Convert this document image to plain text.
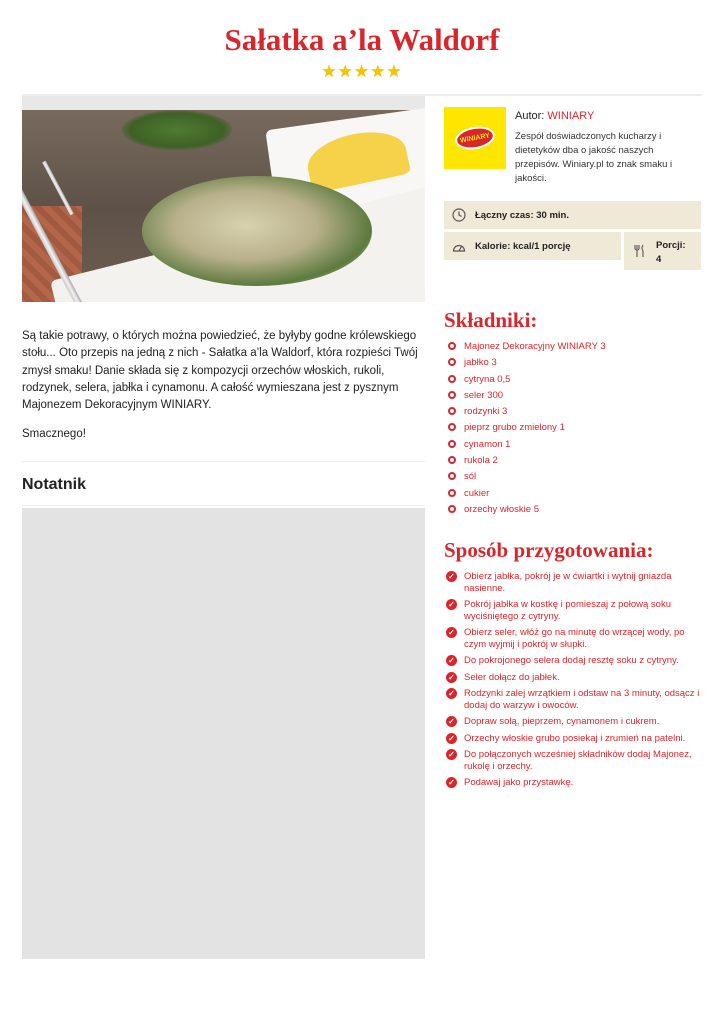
Sałatka a’la Waldorf
★★★★★
WINIARY
Autor: WINIARY
Zespół doświadczonych kucharzy i dietetyków dba o jakość naszych przepisów. Winiary.pl to znak smaku i jakości.
Łączny czas: 30 min.
Kalorie: kcal/1 porcję	Porcji:
4
Składniki:
Majonez Dekoracyjny WINIARY 3
jabłko 3
cytryna 0,5
seler 300
rodzynki 3
pieprz grubo zmielony 1
cynamon 1
rukola 2
sól
cukier
orzechy włoskie 5
Sposób przygotowania:
✓ Obierz jabłka, pokrój je w ćwiartki i wytnij gniazda nasienne.
✓ Pokrój jabłka w kostkę i pomieszaj z połową soku wyciśniętego z cytryny.
✓ Obierz seler, włóż go na minutę do wrzącej wody, po czym wyjmij i pokrój w słupki.
✓ Do pokrojonego selera dodaj resztę soku z cytryny.
✓ Seler dołącz do jabłek.
✓ Rodzynki zalej wrzątkiem i odstaw na 3 minuty, odsącz i dodaj do warzyw i owoców.
✓ Dopraw solą, pieprzem, cynamonem i cukrem.
✓ Orzechy włoskie grubo posiekaj i zrumień na patelni.
✓ Do połączonych wcześniej składników dodaj Majonez, rukolę i orzechy.
✓ Podawaj jako przystawkę.

Są takie potrawy, o których można powiedzieć, że byłyby godne królewskiego stołu... Oto przepis na jedną z nich - Sałatka a’la Waldorf, która rozpieści Twój zmysł smaku! Danie składa się z kompozycji orzechów włoskich, rukoli, rodzynek, selera, jabłka i cynamonu. A całość wymieszana jest z pysznym Majonezem Dekoracyjnym WINIARY.

Smacznego!

Notatnik
